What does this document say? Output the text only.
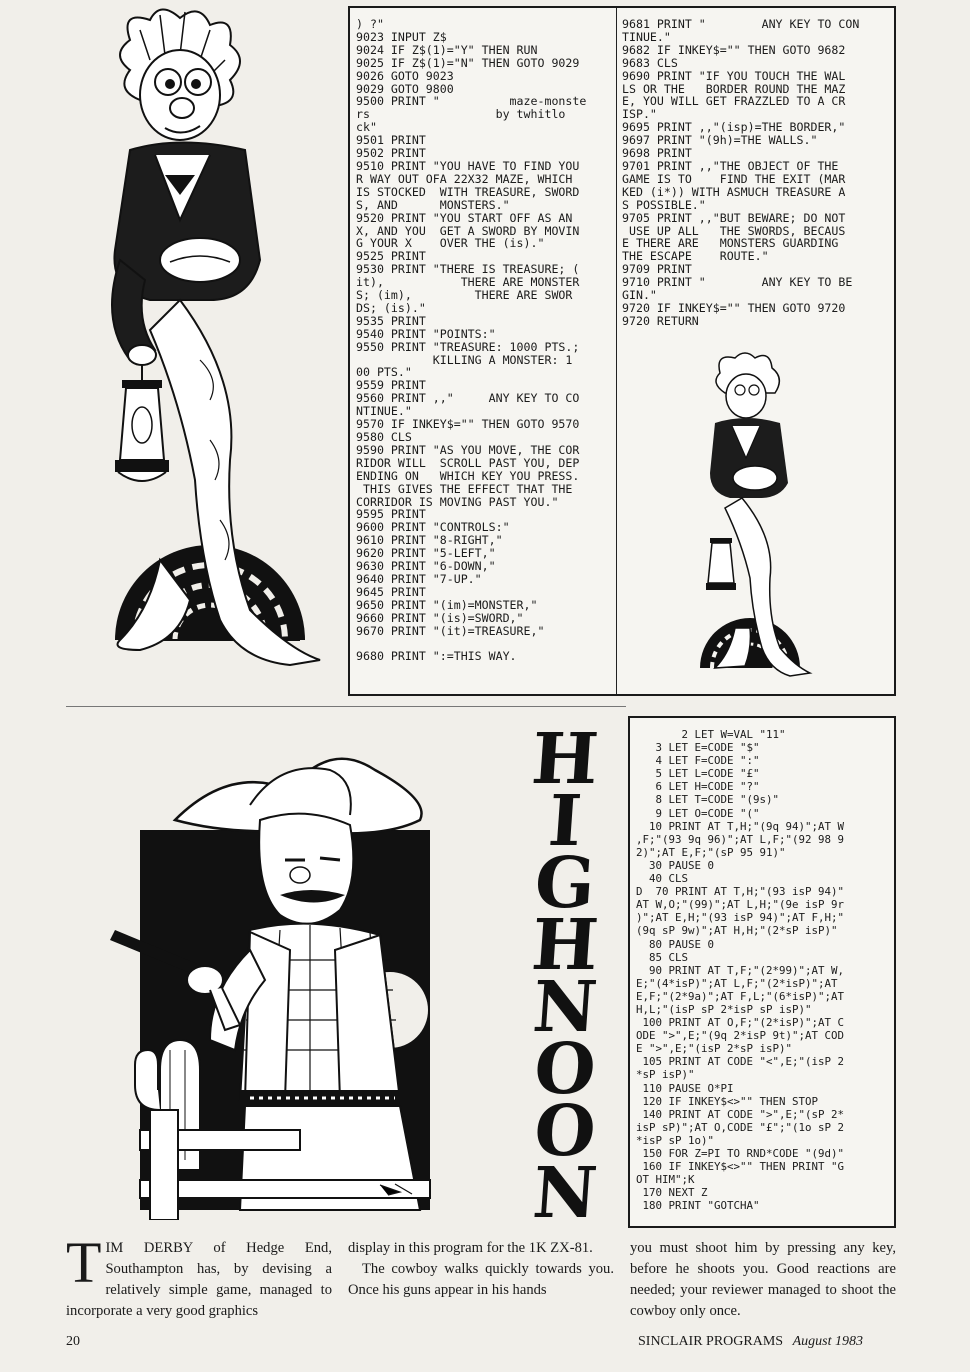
) ?"
9023 INPUT Z$
9024 IF Z$(1)="Y" THEN RUN
9025 IF Z$(1)="N" THEN GOTO 9029
9026 GOTO 9023
9029 GOTO 9800
9500 PRINT "          maze-monste
rs                  by twhitlo
ck"
9501 PRINT
9502 PRINT
9510 PRINT "YOU HAVE TO FIND YOU
R WAY OUT OFA 22X32 MAZE, WHICH
IS STOCKED  WITH TREASURE, SWORD
S, AND      MONSTERS."
9520 PRINT "YOU START OFF AS AN
X, AND YOU  GET A SWORD BY MOVIN
G YOUR X    OVER THE (is)."
9525 PRINT
9530 PRINT "THERE IS TREASURE; (
it),           THERE ARE MONSTER
S; (im),         THERE ARE SWOR
DS; (is)."
9535 PRINT
9540 PRINT "POINTS:"
9550 PRINT "TREASURE: 1000 PTS.;
KILLING A MONSTER: 1
00 PTS."
9559 PRINT
9560 PRINT ,,"     ANY KEY TO CO
NTINUE."
9570 IF INKEY$="" THEN GOTO 9570
9580 CLS
9590 PRINT "AS YOU MOVE, THE COR
RIDOR WILL  SCROLL PAST YOU, DEP
ENDING ON   WHICH KEY YOU PRESS.
THIS GIVES THE EFFECT THAT THE
CORRIDOR IS MOVING PAST YOU."
9595 PRINT
9600 PRINT "CONTROLS:"
9610 PRINT "8-RIGHT,"
9620 PRINT "5-LEFT,"
9630 PRINT "6-DOWN,"
9640 PRINT "7-UP."
9645 PRINT
9650 PRINT "(im)=MONSTER,"
9660 PRINT "(is)=SWORD,"
9670 PRINT "(it)=TREASURE,"

9680 PRINT ":=THIS WAY.
9681 PRINT "        ANY KEY TO CON
TINUE."
9682 IF INKEY$="" THEN GOTO 9682
9683 CLS
9690 PRINT "IF YOU TOUCH THE WAL
LS OR THE   BORDER ROUND THE MAZ
E, YOU WILL GET FRAZZLED TO A CR
ISP."
9695 PRINT ,,"(isp)=THE BORDER,"
9697 PRINT "(9h)=THE WALLS."
9698 PRINT
9701 PRINT ,,"THE OBJECT OF THE
GAME IS TO    FIND THE EXIT (MAR
KED (i*)) WITH ASMUCH TREASURE A
S POSSIBLE."
9705 PRINT ,,"BUT BEWARE; DO NOT
USE UP ALL   THE SWORDS, BECAUS
E THERE ARE   MONSTERS GUARDING
THE ESCAPE    ROUTE."
9709 PRINT
9710 PRINT "        ANY KEY TO BE
GIN."
9720 IF INKEY$="" THEN GOTO 9720
9720 RETURN
H
I
G
H
N
O
O
N
2 LET W=VAL "11"
3 LET E=CODE "$"
4 LET F=CODE ":"
5 LET L=CODE "£"
6 LET H=CODE "?"
8 LET T=CODE "(9s)"
9 LET O=CODE "("
10 PRINT AT T,H;"(9q 94)";AT W
,F;"(93 9q 96)";AT L,F;"(92 98 9
2)";AT E,F;"(sP 95 91)"
30 PAUSE 0
40 CLS
D  70 PRINT AT T,H;"(93 isP 94)"
AT W,O;"(99)";AT L,H;"(9e isP 9r
)";AT E,H;"(93 isP 94)";AT F,H;"
(9q sP 9w)";AT H,H;"(2*sP isP)"
80 PAUSE 0
85 CLS
90 PRINT AT T,F;"(2*99)";AT W,
E;"(4*isP)";AT L,F;"(2*isP)";AT
E,F;"(2*9a)";AT F,L;"(6*isP)";AT
H,L;"(isP sP 2*isP sP isP)"
100 PRINT AT O,F;"(2*isP)";AT C
ODE ">",E;"(9q 2*isP 9t)";AT COD
E ">",E;"(isP 2*sP isP)"
105 PRINT AT CODE "<",E;"(isP 2
*sP isP)"
110 PAUSE O*PI
120 IF INKEY$<>"" THEN STOP
140 PRINT AT CODE ">",E;"(sP 2*
isP sP)";AT O,CODE "£";"(1o sP 2
*isP sP 1o)"
150 FOR Z=PI TO RND*CODE "(9d)"
160 IF INKEY$<>"" THEN PRINT "G
OT HIM";K
170 NEXT Z
180 PRINT "GOTCHA"
TIM DERBY of Hedge End, Southampton has, by devising a relatively simple game, managed to incorporate a very good graphics
display in this program for the 1K ZX-81.
The cowboy walks quickly towards you. Once his guns appear in his hands
you must shoot him by pressing any key, before he shoots you. Good reactions are needed; your reviewer managed to shoot the cowboy only once.
20	SINCLAIR PROGRAMS August 1983
